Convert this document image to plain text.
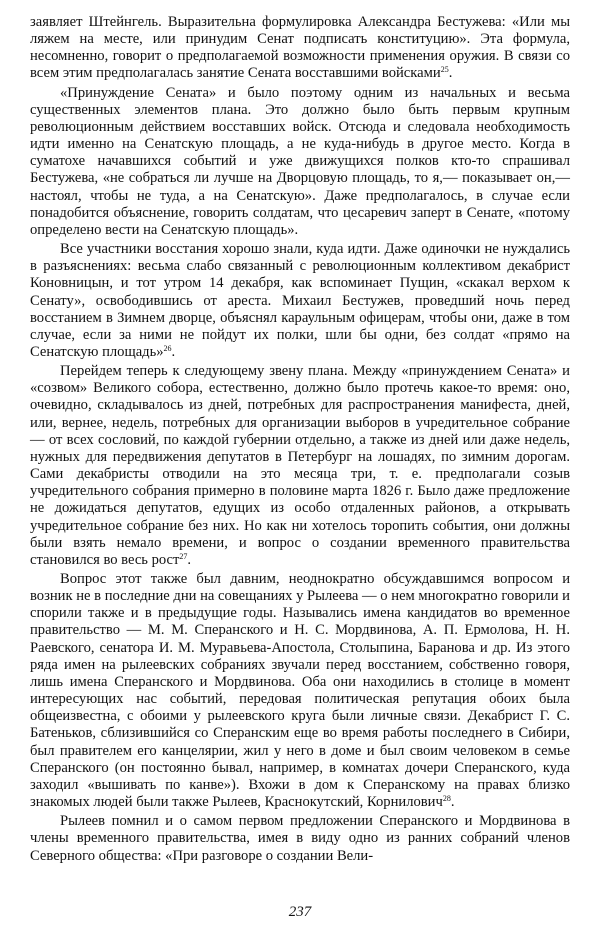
заявляет Штейнгель. Выразительна формулировка Александра Бестужева: «Или мы ляжем на месте, или принудим Сенат подписать конституцию». Эта формула, несомненно, говорит о предполагаемой возможности применения оружия. В связи со всем этим предполагалась занятие Сената восставшими войсками$^{25}$.

«Принуждение Сената» и было поэтому одним из начальных и весьма существенных элементов плана. Это должно было быть первым крупным революционным действием восставших войск. Отсюда и следовала необходимость идти именно на Сенатскую площадь, а не куда-нибудь в другое место. Когда в суматохе начавшихся событий и уже движущихся полков кто-то спрашивал Бестужева, «не собраться ли лучше на Дворцовую площадь, то я,— показывает он,— настоял, чтобы не туда, а на Сенатскую». Даже предполагалось, в случае если понадобится объяснение, говорить солдатам, что цесаревич заперт в Сенате, «потому определено вести на Сенатскую площадь».

Все участники восстания хорошо знали, куда идти. Даже одиночки не нуждались в разъяснениях: весьма слабо связанный с революционным коллективом декабрист Коновницын, и тот утром 14 декабря, как вспоминает Пущин, «скакал верхом к Сенату», освободившись от ареста. Михаил Бестужев, проведший ночь перед восстанием в Зимнем дворце, объяснял караульным офицерам, чтобы они, даже в том случае, если за ними не пойдут их полки, шли бы одни, без солдат «прямо на Сенатскую площадь»$^{26}$.

Перейдем теперь к следующему звену плана. Между «принуждением Сената» и «созвом» Великого собора, естественно, должно было протечь какое-то время: оно, очевидно, складывалось из дней, потребных для распространения манифеста, дней, или, вернее, недель, потребных для организации выборов в учредительное собрание — от всех сословий, по каждой губернии отдельно, а также из дней или даже недель, нужных для передвижения депутатов в Петербург на лошадях, по зимним дорогам. Сами декабристы отводили на это месяца три, т. е. предполагали созыв учредительного собрания примерно в половине марта 1826 г. Было даже предложение не дожидаться депутатов, едущих из особо отдаленных районов, а открывать учредительное собрание без них. Но как ни хотелось торопить события, они должны были взять немало времени, и вопрос о создании временного правительства становился во весь рост$^{27}$.

Вопрос этот также был давним, неоднократно обсуждавшимся вопросом и возник не в последние дни на совещаниях у Рылеева — о нем многократно говорили и спорили также и в предыдущие годы. Назывались имена кандидатов во временное правительство — М. М. Сперанского и Н. С. Мордвинова, А. П. Ермолова, Н. Н. Раевского, сенатора И. М. Муравьева-Апостола, Столыпина, Баранова и др. Из этого ряда имен на рылеевских собраниях звучали перед восстанием, собственно говоря, лишь имена Сперанского и Мордвинова. Оба они находились в столице в момент интересующих нас событий, передовая политическая репутация обоих была общеизвестна, с обоими у рылеевского круга были личные связи. Декабрист Г. С. Батеньков, сблизившийся со Сперанским еще во время работы последнего в Сибири, был правителем его канцелярии, жил у него в доме и был своим человеком в семье Сперанского (он постоянно бывал, например, в комнатах дочери Сперанского, куда заходил «вышивать по канве»). Вхожи в дом к Сперанскому на правах близко знакомых людей были также Рылеев, Краснокутский, Корнилович$^{28}$.

Рылеев помнил и о самом первом предложении Сперанского и Мордвинова в члены временного правительства, имея в виду одно из ранних собраний членов Северного общества: «При разговоре о создании Вели-

237
